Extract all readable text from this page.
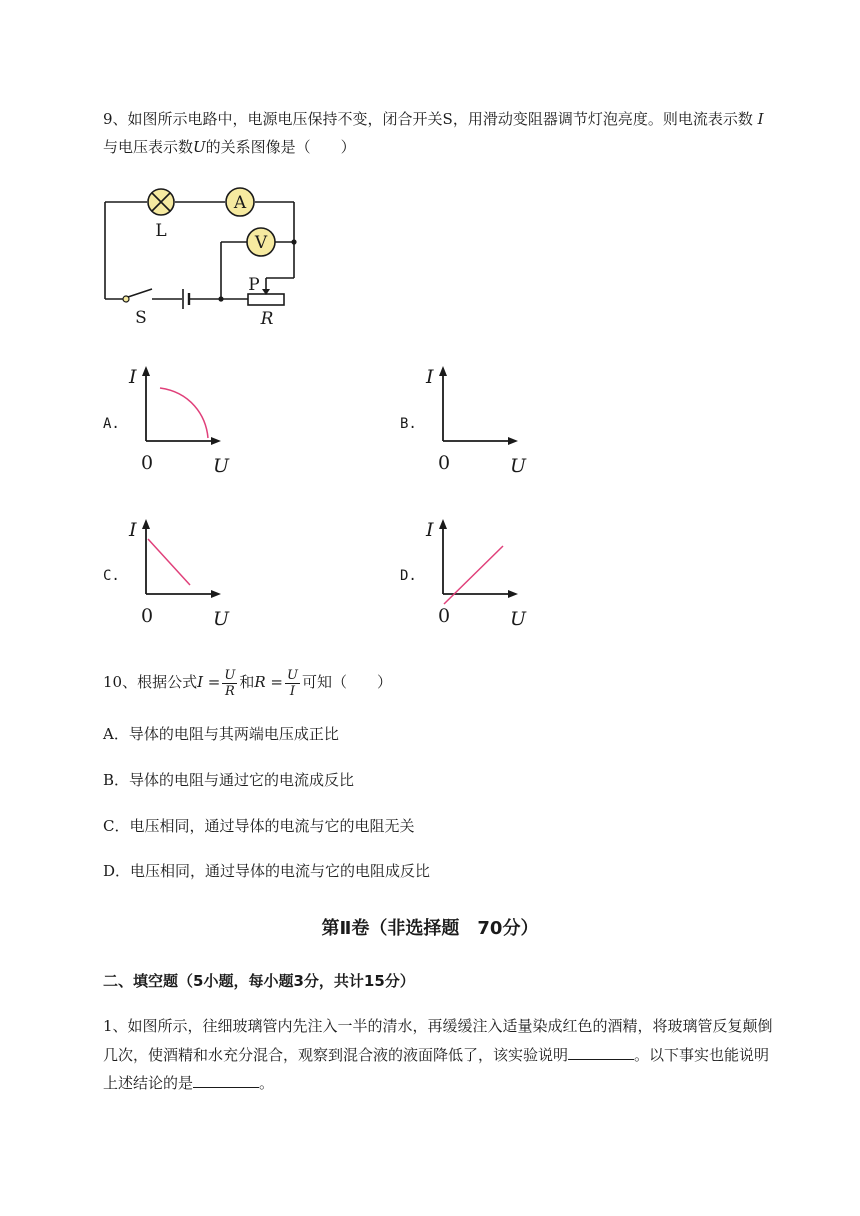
9、如图所示电路中，电源电压保持不变，闭合开关S，用滑动变阻器调节灯泡亮度。则电流表示数 I
与电压表示数U的关系图像是（　　）
A
V
L
S
P
R
A.
I
U
0
B.
I
U
0
C.
I
U
0
D.
I
U
0
10、根据公式$I = \frac{U}{R}$ 和$R = \frac{U}{I}$ 可知（　　）
A．导体的电阻与其两端电压成正比
B．导体的电阻与通过它的电流成反比
C．电压相同，通过导体的电流与它的电阻无关
D．电压相同，通过导体的电流与它的电阻成反比
第Ⅱ卷（非选择题　70分）
二、填空题（5小题，每小题3分，共计15分）
1、如图所示，往细玻璃管内先注入一半的清水，再缓缓注入适量染成红色的酒精，将玻璃管反复颠倒
几次，使酒精和水充分混合，观察到混合液的液面降低了，该实验说明	。以下事实也能说明
上述结论的是	。
